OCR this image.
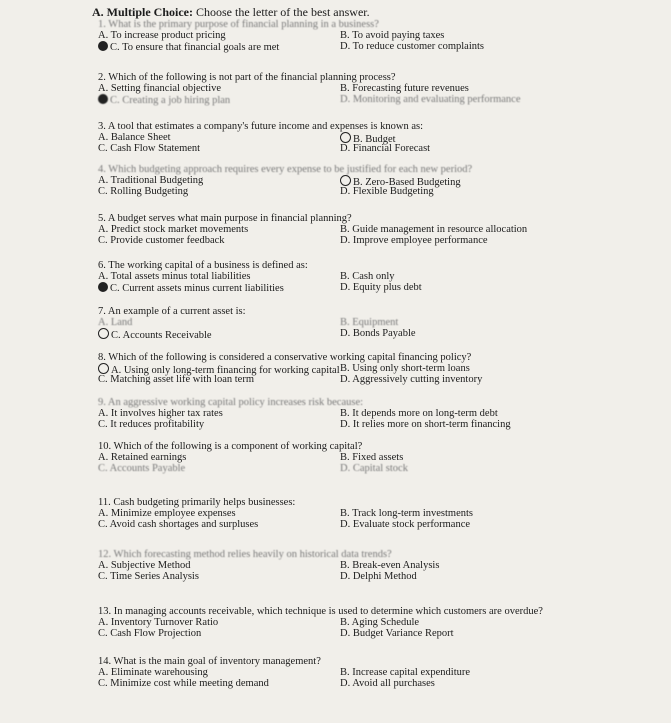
A. Multiple Choice: Choose the letter of the best answer.
1. What is the primary purpose of financial planning in a business?
A. To increase product pricing	B. To avoid paying taxes
C. To ensure that financial goals are met	D. To reduce customer complaints
2. Which of the following is not part of the financial planning process?
A. Setting financial objective	B. Forecasting future revenues
C. Creating a job hiring plan	D. Monitoring and evaluating performance
3. A tool that estimates a company's future income and expenses is known as:
A. Balance Sheet	B. Budget
C. Cash Flow Statement	D. Financial Forecast
4. Which budgeting approach requires every expense to be justified for each new period?
A. Traditional Budgeting	B. Zero-Based Budgeting
C. Rolling Budgeting	D. Flexible Budgeting
5. A budget serves what main purpose in financial planning?
A. Predict stock market movements	B. Guide management in resource allocation
C. Provide customer feedback	D. Improve employee performance
6. The working capital of a business is defined as:
A. Total assets minus total liabilities	B. Cash only
C. Current assets minus current liabilities	D. Equity plus debt
7. An example of a current asset is:
A. Land	B. Equipment
C. Accounts Receivable	D. Bonds Payable
8. Which of the following is considered a conservative working capital financing policy?
A. Using only long-term financing for working capital B. Using only short-term loans
C. Matching asset life with loan term	D. Aggressively cutting inventory
9. An aggressive working capital policy increases risk because:
A. It involves higher tax rates	B. It depends more on long-term debt
C. It reduces profitability	D. It relies more on short-term financing
10. Which of the following is a component of working capital?
A. Retained earnings	B. Fixed assets
C. Accounts Payable	D. Capital stock
11. Cash budgeting primarily helps businesses:
A. Minimize employee expenses	B. Track long-term investments
C. Avoid cash shortages and surpluses	D. Evaluate stock performance
12. Which forecasting method relies heavily on historical data trends?
A. Subjective Method	B. Break-even Analysis
C. Time Series Analysis	D. Delphi Method
13. In managing accounts receivable, which technique is used to determine which customers are overdue?
A. Inventory Turnover Ratio	B. Aging Schedule
C. Cash Flow Projection	D. Budget Variance Report
14. What is the main goal of inventory management?
A. Eliminate warehousing	B. Increase capital expenditure
C. Minimize cost while meeting demand	D. Avoid all purchases
